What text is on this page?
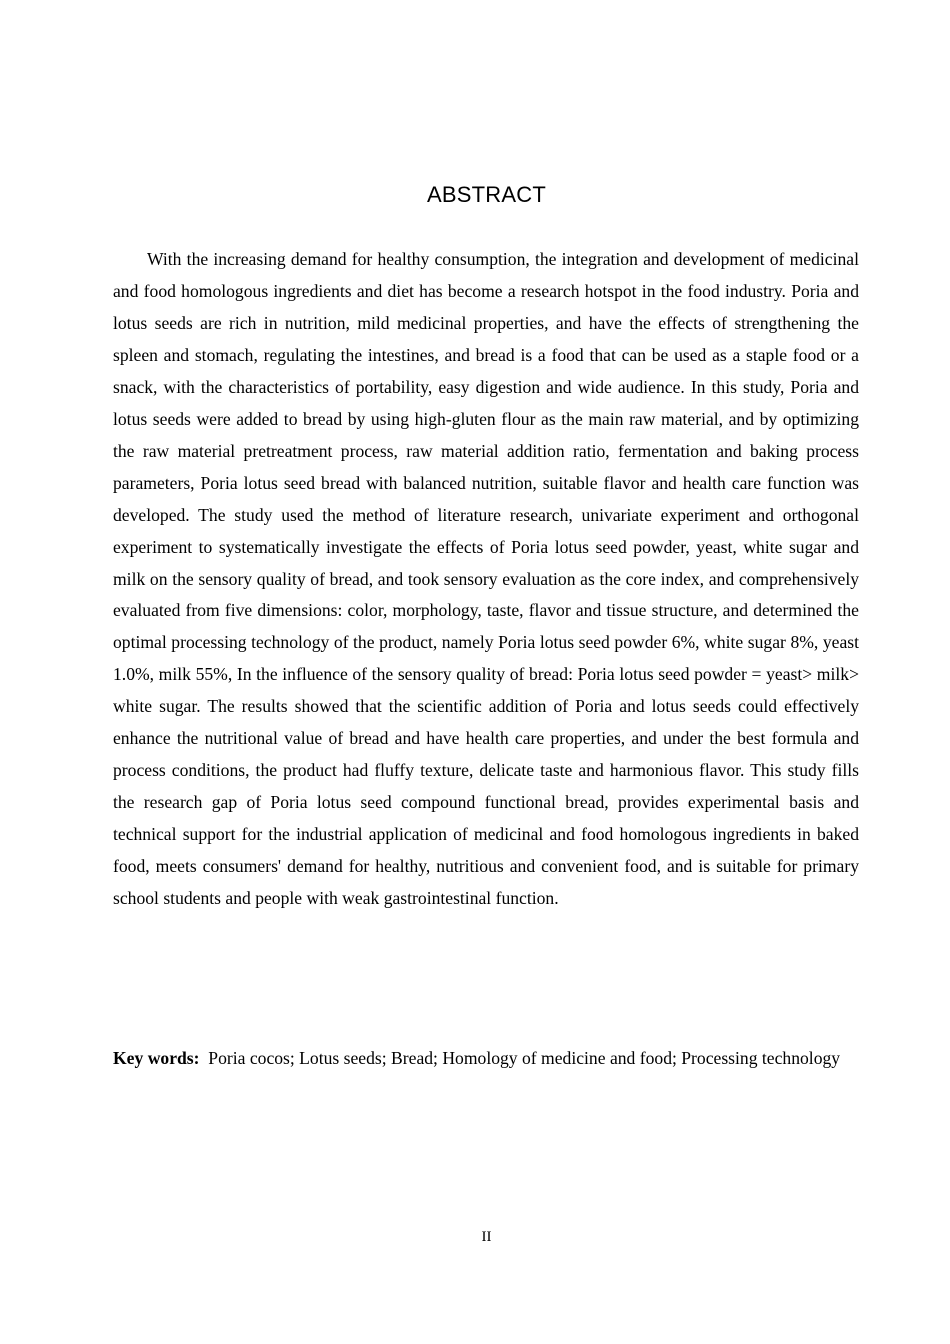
ABSTRACT

With the increasing demand for healthy consumption, the integration and development of medicinal and food homologous ingredients and diet has become a research hotspot in the food industry. Poria and lotus seeds are rich in nutrition, mild medicinal properties, and have the effects of strengthening the spleen and stomach, regulating the intestines, and bread is a food that can be used as a staple food or a snack, with the characteristics of portability, easy digestion and wide audience. In this study, Poria and lotus seeds were added to bread by using high-gluten flour as the main raw material, and by optimizing the raw material pretreatment process, raw material addition ratio, fermentation and baking process parameters, Poria lotus seed bread with balanced nutrition, suitable flavor and health care function was developed. The study used the method of literature research, univariate experiment and orthogonal experiment to systematically investigate the effects of Poria lotus seed powder, yeast, white sugar and milk on the sensory quality of bread, and took sensory evaluation as the core index, and comprehensively evaluated from five dimensions: color, morphology, taste, flavor and tissue structure, and determined the optimal processing technology of the product, namely Poria lotus seed powder 6%, white sugar 8%, yeast 1.0%, milk 55%, In the influence of the sensory quality of bread: Poria lotus seed powder = yeast> milk> white sugar. The results showed that the scientific addition of Poria and lotus seeds could effectively enhance the nutritional value of bread and have health care properties, and under the best formula and process conditions, the product had fluffy texture, delicate taste and harmonious flavor. This study fills the research gap of Poria lotus seed compound functional bread, provides experimental basis and technical support for the industrial application of medicinal and food homologous ingredients in baked food, meets consumers' demand for healthy, nutritious and convenient food, and is suitable for primary school students and people with weak gastrointestinal function.

Key words: Poria cocos; Lotus seeds; Bread; Homology of medicine and food; Processing technology

II
